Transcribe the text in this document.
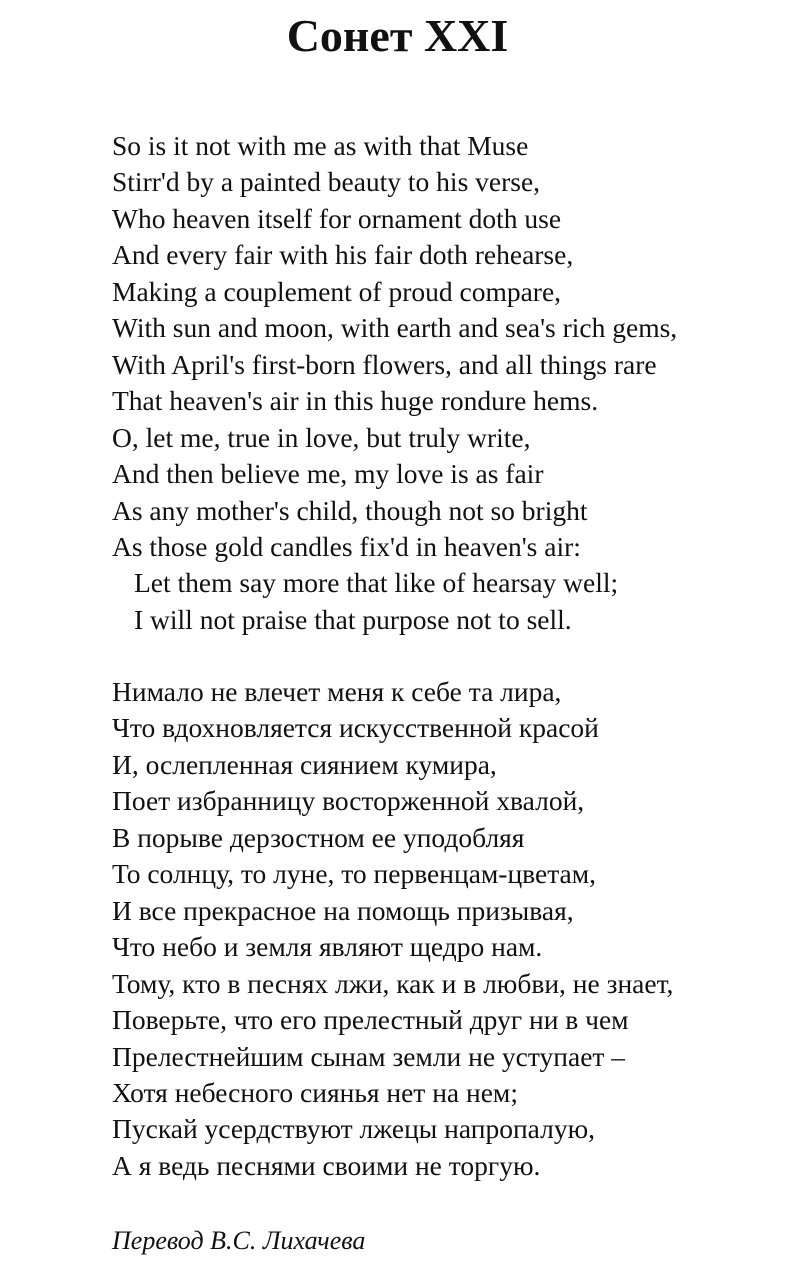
Сонет XXI
So is it not with me as with that Muse
Stirr'd by a painted beauty to his verse,
Who heaven itself for ornament doth use
And every fair with his fair doth rehearse,
Making a couplement of proud compare,
With sun and moon, with earth and sea's rich gems,
With April's first-born flowers, and all things rare
That heaven's air in this huge rondure hems.
O, let me, true in love, but truly write,
And then believe me, my love is as fair
As any mother's child, though not so bright
As those gold candles fix'd in heaven's air:
Let them say more that like of hearsay well;
I will not praise that purpose not to sell.
Нимало не влечет меня к себе та лира,
Что вдохновляется искусственной красой
И, ослепленная сиянием кумира,
Поет избранницу восторженной хвалой,
В порыве дерзостном ее уподобляя
То солнцу, то луне, то первенцам-цветам,
И все прекрасное на помощь призывая,
Что небо и земля являют щедро нам.
Тому, кто в песнях лжи, как и в любви, не знает,
Поверьте, что его прелестный друг ни в чем
Прелестнейшим сынам земли не уступает –
Хотя небесного сиянья нет на нем;
Пускай усердствуют лжецы напропалую,
А я ведь песнями своими не торгую.

Перевод В.С. Лихачева
